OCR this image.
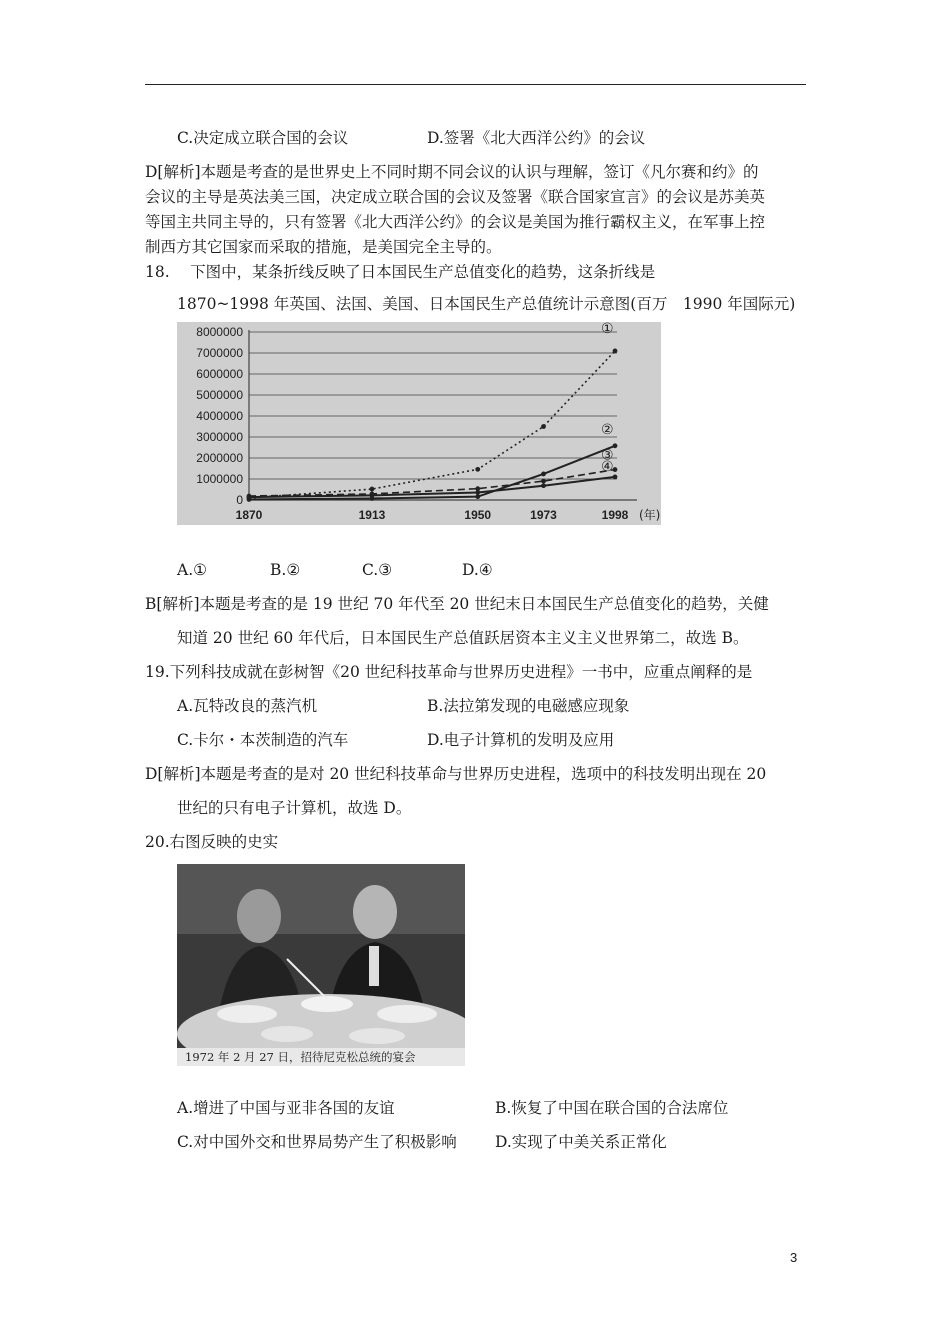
C.决定成立联合国的会议	D.签署《北大西洋公约》的会议
D[解析]本题是考查的是世界史上不同时期不同会议的认识与理解，签订《凡尔赛和约》的
会议的主导是英法美三国，决定成立联合国的会议及签署《联合国家宣言》的会议是苏美英
等国主共同主导的，只有签署《北大西洋公约》的会议是美国为推行霸权主义，在军事上控
制西方其它国家而采取的措施，是美国完全主导的。
18.　 下图中，某条折线反映了日本国民生产总值变化的趋势，这条折线是
1870~1998 年英国、法国、美国、日本国民生产总值统计示意图(百万　1990 年国际元)
8000000
7000000
6000000
5000000
4000000
3000000
2000000
1000000
0
1870	1913	1950	1973	1998 (年)
①
②
③
④
A.①	B.②	C.③	D.④
B[解析]本题是考查的是 19 世纪 70 年代至 20 世纪末日本国民生产总值变化的趋势，关健
知道 20 世纪 60 年代后，日本国民生产总值跃居资本主义主义世界第二，故选 B。
19.下列科技成就在彭树智《20 世纪科技革命与世界历史进程》一书中，应重点阐释的是
A.瓦特改良的蒸汽机	B.法拉第发现的电磁感应现象
C.卡尔・本茨制造的汽车	D.电子计算机的发明及应用
D[解析]本题是考查的是对 20 世纪科技革命与世界历史进程，选项中的科技发明出现在 20
世纪的只有电子计算机，故选 D。
20.右图反映的史实
1972 年 2 月 27 日，招待尼克松总统的宴会
A.增进了中国与亚非各国的友谊	B.恢复了中国在联合国的合法席位
C.对中国外交和世界局势产生了积极影响 D.实现了中美关系正常化
3
